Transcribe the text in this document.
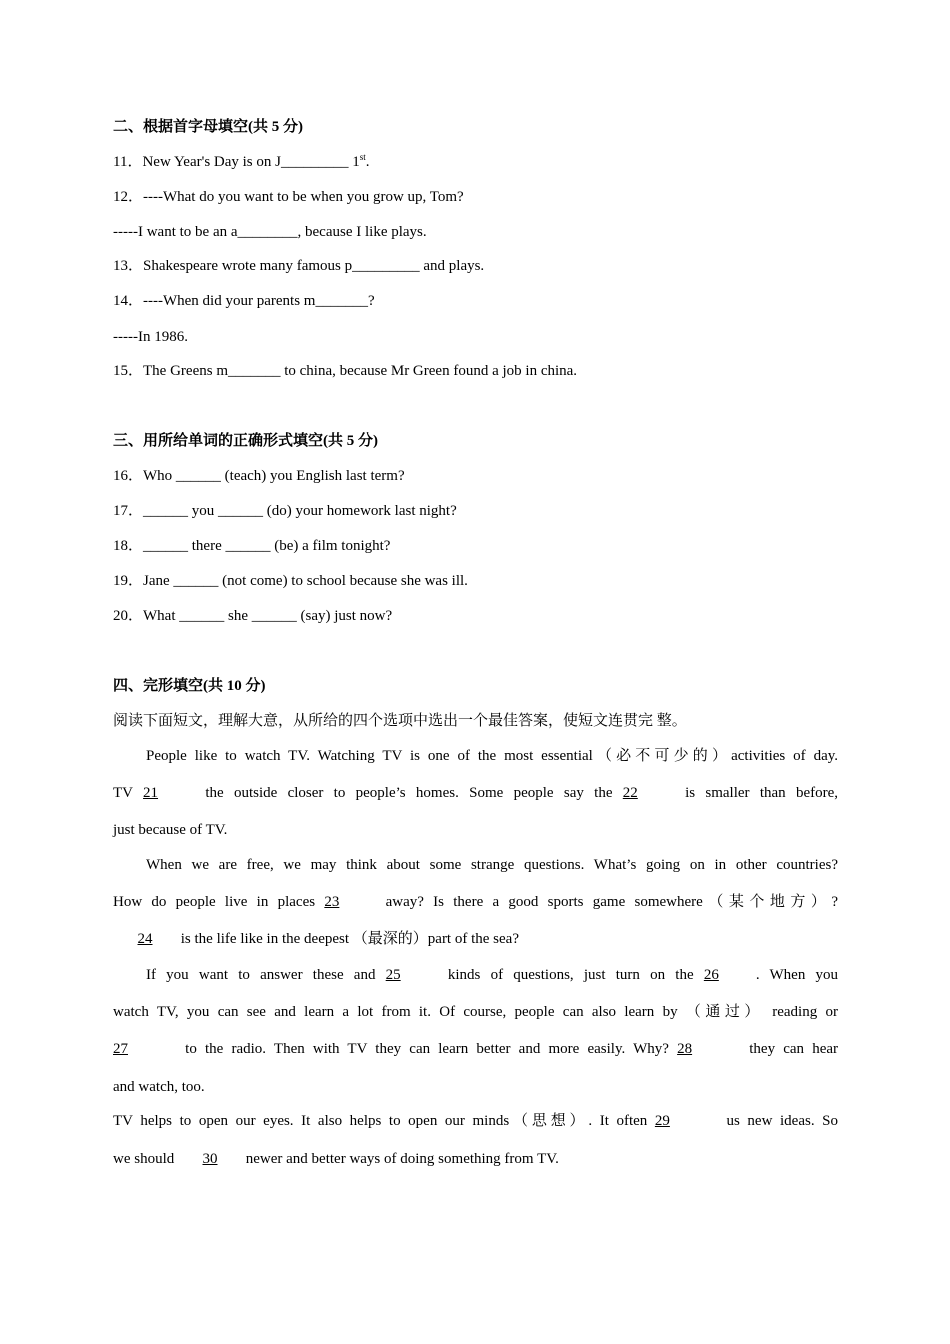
二、根据首字母填空(共 5 分)
11．New Year's Day is on J_________ 1st.
12．----What do you want to be when you grow up, Tom?
-----I want to be an a________, because I like plays.
13．Shakespeare wrote many famous p_________ and plays.
14．----When did your parents m_______?
-----In 1986.
15．The Greens m_______ to china, because Mr Green found a job in china.
三、用所给单词的正确形式填空(共 5 分)
16．Who ______ (teach) you English last term?
17．______ you ______ (do) your homework last night?
18．______ there ______ (be) a film tonight?
19．Jane ______ (not come) to school because she was ill.
20．What ______ she ______ (say) just now?
四、完形填空(共 10 分)
阅读下面短文，理解大意，从所给的四个选项中选出一个最佳答案，使短文连贯完 整。
People like to watch TV. Watching TV is one of the most essential（必不可少的）activities of day.
TV 21	the outside closer to people’s homes. Some people say the 22	is smaller than before,
just because of TV.
When we are free, we may think about some strange questions. What’s going on in other countries?
How do people live in places 23	away? Is there a good sports game somewhere（某个地方）?
24 is the life like in the deepest （最深的）part of the sea?
If you want to answer these and 25	kinds of questions, just turn on the 26 . When you
watch TV, you can see and learn a lot from it. Of course, people can also learn by （通过） reading or
27	to the radio. Then with TV they can learn better and more easily. Why? 28	they can hear
and watch, too.
TV helps to open our eyes. It also helps to open our minds（思想）. It often 29	us new ideas. So
we should 30 newer and better ways of doing something from TV.
